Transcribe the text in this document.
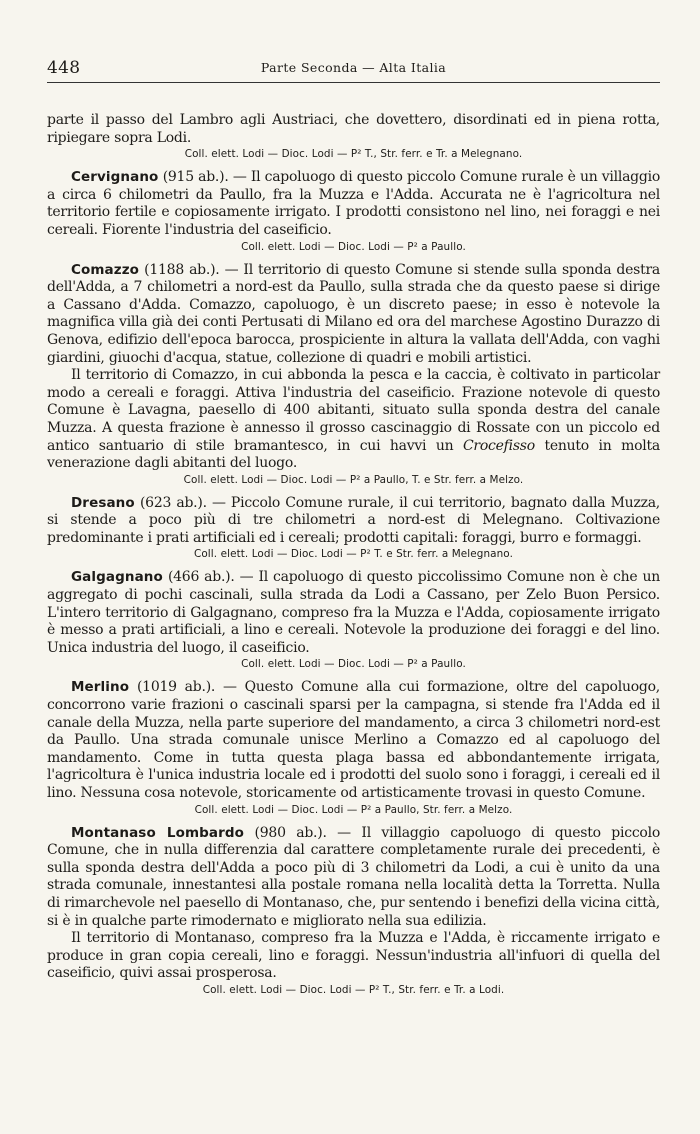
448	Parte Seconda — Alta Italia

parte il passo del Lambro agli Austriaci, che dovettero, disordinati ed in piena rotta, ripiegare sopra Lodi.

Coll. elett. Lodi — Dioc. Lodi — P² T., Str. ferr. e Tr. a Melegnano.

Cervignano (915 ab.). — Il capoluogo di questo piccolo Comune rurale è un villaggio a circa 6 chilometri da Paullo, fra la Muzza e l'Adda. Accurata ne è l'agricoltura nel territorio fertile e copiosamente irrigato. I prodotti consistono nel lino, nei foraggi e nei cereali. Fiorente l'industria del caseificio.

Coll. elett. Lodi — Dioc. Lodi — P² a Paullo.

Comazzo (1188 ab.). — Il territorio di questo Comune si stende sulla sponda destra dell'Adda, a 7 chilometri a nord-est da Paullo, sulla strada che da questo paese si dirige a Cassano d'Adda. Comazzo, capoluogo, è un discreto paese; in esso è notevole la magnifica villa già dei conti Pertusati di Milano ed ora del marchese Agostino Durazzo di Genova, edifizio dell'epoca barocca, prospiciente in altura la vallata dell'Adda, con vaghi giardini, giuochi d'acqua, statue, collezione di quadri e mobili artistici.

Il territorio di Comazzo, in cui abbonda la pesca e la caccia, è coltivato in particolar modo a cereali e foraggi. Attiva l'industria del caseificio. Frazione notevole di questo Comune è Lavagna, paesello di 400 abitanti, situato sulla sponda destra del canale Muzza. A questa frazione è annesso il grosso cascinaggio di Rossate con un piccolo ed antico santuario di stile bramantesco, in cui havvi un Crocefisso tenuto in molta venerazione dagli abitanti del luogo.

Coll. elett. Lodi — Dioc. Lodi — P² a Paullo, T. e Str. ferr. a Melzo.

Dresano (623 ab.). — Piccolo Comune rurale, il cui territorio, bagnato dalla Muzza, si stende a poco più di tre chilometri a nord-est di Melegnano. Coltivazione predominante i prati artificiali ed i cereali; prodotti capitali: foraggi, burro e formaggi.

Coll. elett. Lodi — Dioc. Lodi — P² T. e Str. ferr. a Melegnano.

Galgagnano (466 ab.). — Il capoluogo di questo piccolissimo Comune non è che un aggregato di pochi cascinali, sulla strada da Lodi a Cassano, per Zelo Buon Persico. L'intero territorio di Galgagnano, compreso fra la Muzza e l'Adda, copiosamente irrigato è messo a prati artificiali, a lino e cereali. Notevole la produzione dei foraggi e del lino. Unica industria del luogo, il caseificio.

Coll. elett. Lodi — Dioc. Lodi — P² a Paullo.

Merlino (1019 ab.). — Questo Comune alla cui formazione, oltre del capoluogo, concorrono varie frazioni o cascinali sparsi per la campagna, si stende fra l'Adda ed il canale della Muzza, nella parte superiore del mandamento, a circa 3 chilometri nord-est da Paullo. Una strada comunale unisce Merlino a Comazzo ed al capoluogo del mandamento. Come in tutta questa plaga bassa ed abbondantemente irrigata, l'agricoltura è l'unica industria locale ed i prodotti del suolo sono i foraggi, i cereali ed il lino. Nessuna cosa notevole, storicamente od artisticamente trovasi in questo Comune.

Coll. elett. Lodi — Dioc. Lodi — P² a Paullo, Str. ferr. a Melzo.

Montanaso Lombardo (980 ab.). — Il villaggio capoluogo di questo piccolo Comune, che in nulla differenzia dal carattere completamente rurale dei precedenti, è sulla sponda destra dell'Adda a poco più di 3 chilometri da Lodi, a cui è unito da una strada comunale, innestantesi alla postale romana nella località detta la Torretta. Nulla di rimarchevole nel paesello di Montanaso, che, pur sentendo i benefizi della vicina città, si è in qualche parte rimodernato e migliorato nella sua edilizia.

Il territorio di Montanaso, compreso fra la Muzza e l'Adda, è riccamente irrigato e produce in gran copia cereali, lino e foraggi. Nessun'industria all'infuori di quella del caseificio, quivi assai prosperosa.

Coll. elett. Lodi — Dioc. Lodi — P² T., Str. ferr. e Tr. a Lodi.
